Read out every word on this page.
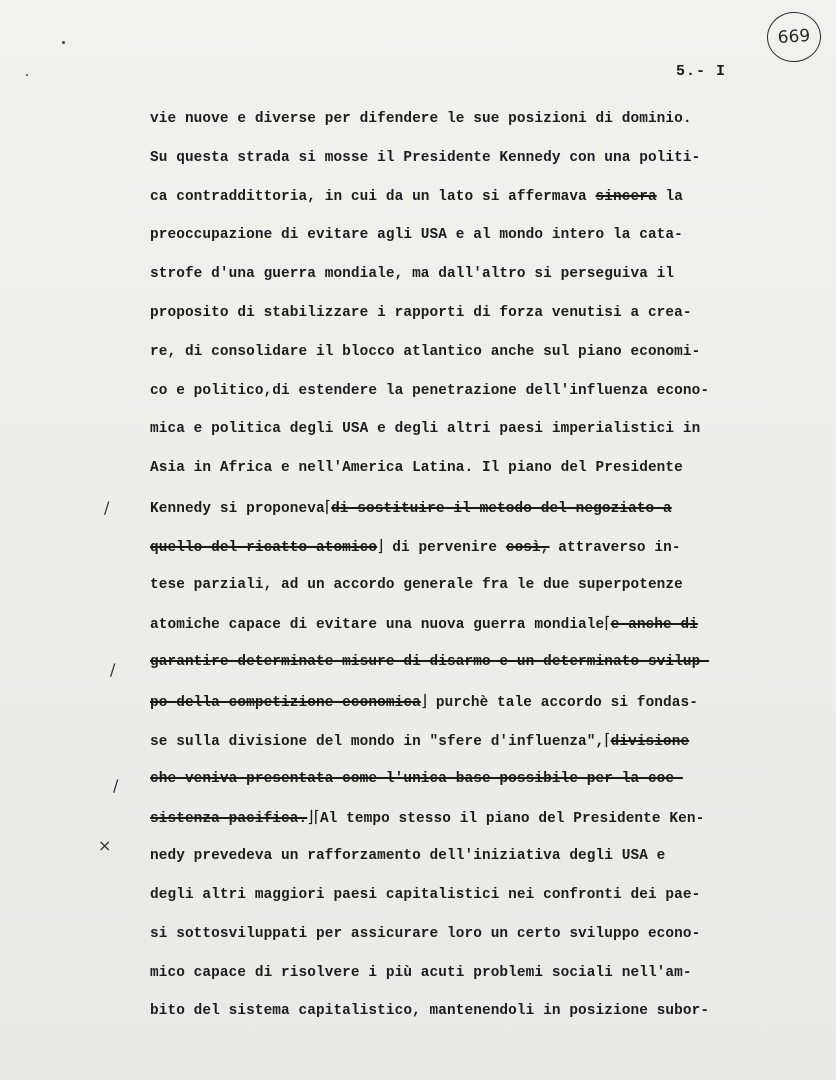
669
5.- I
/
/
/
×
vie nuove e diverse per difendere le sue posizioni di dominio.
Su questa strada si mosse il Presidente Kennedy con una politi-
ca contraddittoria, in cui da un lato si affermava sincera la
preoccupazione di evitare agli USA e al mondo intero la cata-
strofe d'una guerra mondiale, ma dall'altro si perseguiva il
proposito di stabilizzare i rapporti di forza venutisi a crea-
re, di consolidare il blocco atlantico anche sul piano economi-
co e politico,di estendere la penetrazione dell'influenza econo-
mica e politica degli USA e degli altri paesi imperialistici in
Asia in Africa e nell'America Latina. Il piano del Presidente
Kennedy si proponeva⌈di sostituire il metodo del negoziato a
quello del ricatto atomico⌋ di pervenire così, attraverso in-
tese parziali, ad un accordo generale fra le due superpotenze
atomiche capace di evitare una nuova guerra mondiale⌈e anche di
garantire determinate misure di disarmo e un determinato svilup-
po della competizione economica⌋ purchè tale accordo si fondas-
se sulla divisione del mondo in "sfere d'influenza",⌈divisione
che veniva presentata come l'unica base possibile per la coe-
sistenza pacifica.⌋⌈Al tempo stesso il piano del Presidente Ken-
nedy prevedeva un rafforzamento dell'iniziativa degli USA e
degli altri maggiori paesi capitalistici nei confronti dei pae-
si sottosviluppati per assicurare loro un certo sviluppo econo-
mico capace di risolvere i più acuti problemi sociali nell'am-
bito del sistema capitalistico, mantenendoli in posizione subor-
